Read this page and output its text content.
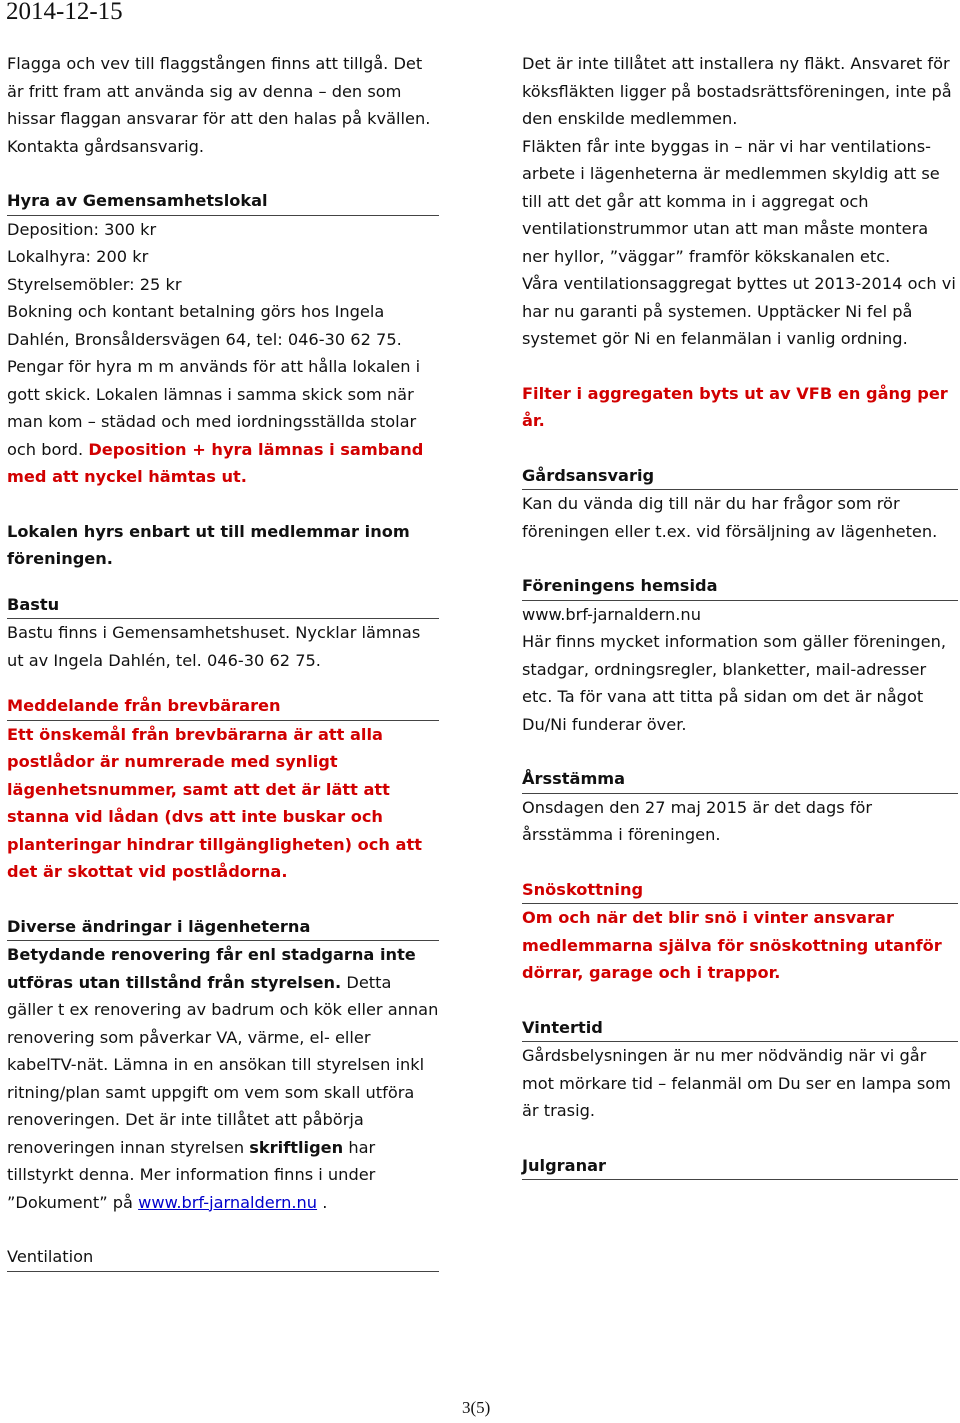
2014-12-15

Flagga och vev till flaggstången finns att tillgå. Det är fritt fram att använda sig av denna – den som hissar flaggan ansvarar för att den halas på kvällen. Kontakta gårdsansvarig.

Hyra av Gemensamhetslokal

Deposition: 300 kr

Lokalhyra: 200 kr

Styrelsemöbler: 25 kr

Bokning och kontant betalning görs hos Ingela Dahlén, Bronsåldersvägen 64, tel: 046-30 62 75.

Pengar för hyra m m används för att hålla lokalen i gott skick. Lokalen lämnas i samma skick som när man kom – städad och med iordningsställda stolar och bord. Deposition + hyra lämnas i samband med att nyckel hämtas ut.

Lokalen hyrs enbart ut till medlemmar inom föreningen.

Bastu

Bastu finns i Gemensamhetshuset. Nycklar lämnas ut av Ingela Dahlén, tel. 046-30 62 75.

Meddelande från brevbäraren

Ett önskemål från brevbärarna är att alla postlådor är numrerade med synligt lägenhetsnummer, samt att det är lätt att stanna vid lådan (dvs att inte buskar och planteringar hindrar tillgängligheten) och att det är skottat vid postlådorna.

Diverse ändringar i lägenheterna

Betydande renovering får enl stadgarna inte utföras utan tillstånd från styrelsen. Detta gäller t ex renovering av badrum och kök eller annan renovering som påverkar VA, värme, el- eller kabelTV-nät. Lämna in en ansökan till styrelsen inkl ritning/plan samt uppgift om vem som skall utföra renoveringen. Det är inte tillåtet att påbörja renoveringen innan styrelsen skriftligen har tillstyrkt denna. Mer information finns i under ”Dokument” på www.brf-jarnaldern.nu .

Ventilation

Det är inte tillåtet att installera ny fläkt. Ansvaret för köksfläkten ligger på bostadsrättsföreningen, inte på den enskilde medlemmen.

Fläkten får inte byggas in – när vi har ventilations-arbete i lägenheterna är medlemmen skyldig att se till att det går att komma in i aggregat och ventilationstrummor utan att man måste montera ner hyllor, ”väggar” framför kökskanalen etc.

Våra ventilationsaggregat byttes ut 2013-2014 och vi har nu garanti på systemen. Upptäcker Ni fel på systemet gör Ni en felanmälan i vanlig ordning.

Filter i aggregaten byts ut av VFB en gång per år.

Gårdsansvarig

Kan du vända dig till när du har frågor som rör föreningen eller t.ex. vid försäljning av lägenheten.

Föreningens hemsida

www.brf-jarnaldern.nu

Här finns mycket information som gäller föreningen, stadgar, ordningsregler, blanketter, mail-adresser etc. Ta för vana att titta på sidan om det är något Du/Ni funderar över.

Årsstämma

Onsdagen den 27 maj 2015 är det dags för årsstämma i föreningen.

Snöskottning

Om och när det blir snö i vinter ansvarar medlemmarna själva för snöskottning utanför dörrar, garage och i trappor.

Vintertid

Gårdsbelysningen är nu mer nödvändig när vi går mot mörkare tid – felanmäl om Du ser en lampa som är trasig.

Julgranar
3(5)
